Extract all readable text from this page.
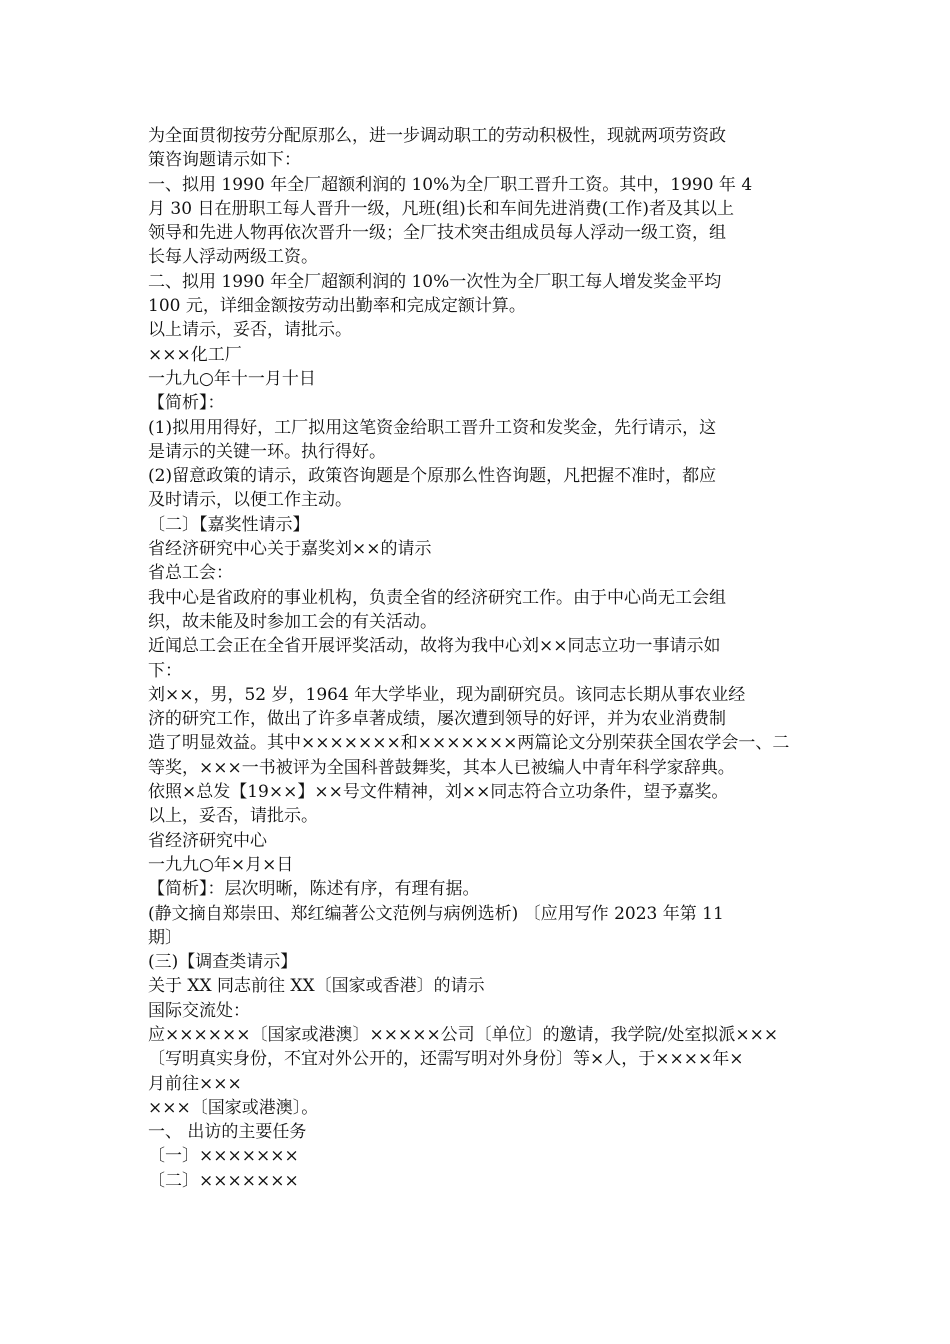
为全面贯彻按劳分配原那么，进一步调动职工的劳动积极性，现就两项劳资政

策咨询题请示如下：

一、拟用 1990 年全厂超额利润的 10%为全厂职工晋升工资。其中，1990 年 4

月 30 日在册职工每人晋升一级，凡班(组)长和车间先进消费(工作)者及其以上

领导和先进人物再依次晋升一级；全厂技术突击组成员每人浮动一级工资，组

长每人浮动两级工资。

二、拟用 1990 年全厂超额利润的 10%一次性为全厂职工每人增发奖金平均

100 元，详细金额按劳动出勤率和完成定额计算。

以上请示，妥否，请批示。

×××化工厂

一九九○年十一月十日

【简析】：

(1)拟用用得好，工厂拟用这笔资金给职工晋升工资和发奖金，先行请示，这

是请示的关键一环。执行得好。

(2)留意政策的请示，政策咨询题是个原那么性咨询题，凡把握不准时，都应

及时请示，以便工作主动。

〔二〕【嘉奖性请示】

省经济研究中心关于嘉奖刘××的请示

省总工会：

我中心是省政府的事业机构，负责全省的经济研究工作。由于中心尚无工会组

织，故未能及时参加工会的有关活动。

近闻总工会正在全省开展评奖活动，故将为我中心刘××同志立功一事请示如

下：

刘××，男，52 岁，1964 年大学毕业，现为副研究员。该同志长期从事农业经

济的研究工作，做出了许多卓著成绩，屡次遭到领导的好评，并为农业消费制

造了明显效益。其中×××××××和×××××××两篇论文分别荣获全国农学会一、二

等奖，×××一书被评为全国科普鼓舞奖，其本人已被编人中青年科学家辞典。

依照×总发【19××】××号文件精神，刘××同志符合立功条件，望予嘉奖。

以上，妥否，请批示。

省经济研究中心

一九九○年×月×日

【简析】：层次明晰，陈述有序，有理有据。

(静文摘自郑崇田、郑红编著公文范例与病例选析) 〔应用写作 2023 年第 11

期〕

(三)【调查类请示】

关于 XX 同志前往 XX〔国家或香港〕的请示

国际交流处：

应××××××〔国家或港澳〕×××××公司〔单位〕的邀请，我学院/处室拟派×××

〔写明真实身份，不宜对外公开的，还需写明对外身份〕等×人，于××××年×

月前往×××

×××〔国家或港澳〕。

一、 出访的主要任务

〔一〕×××××××

〔二〕×××××××
